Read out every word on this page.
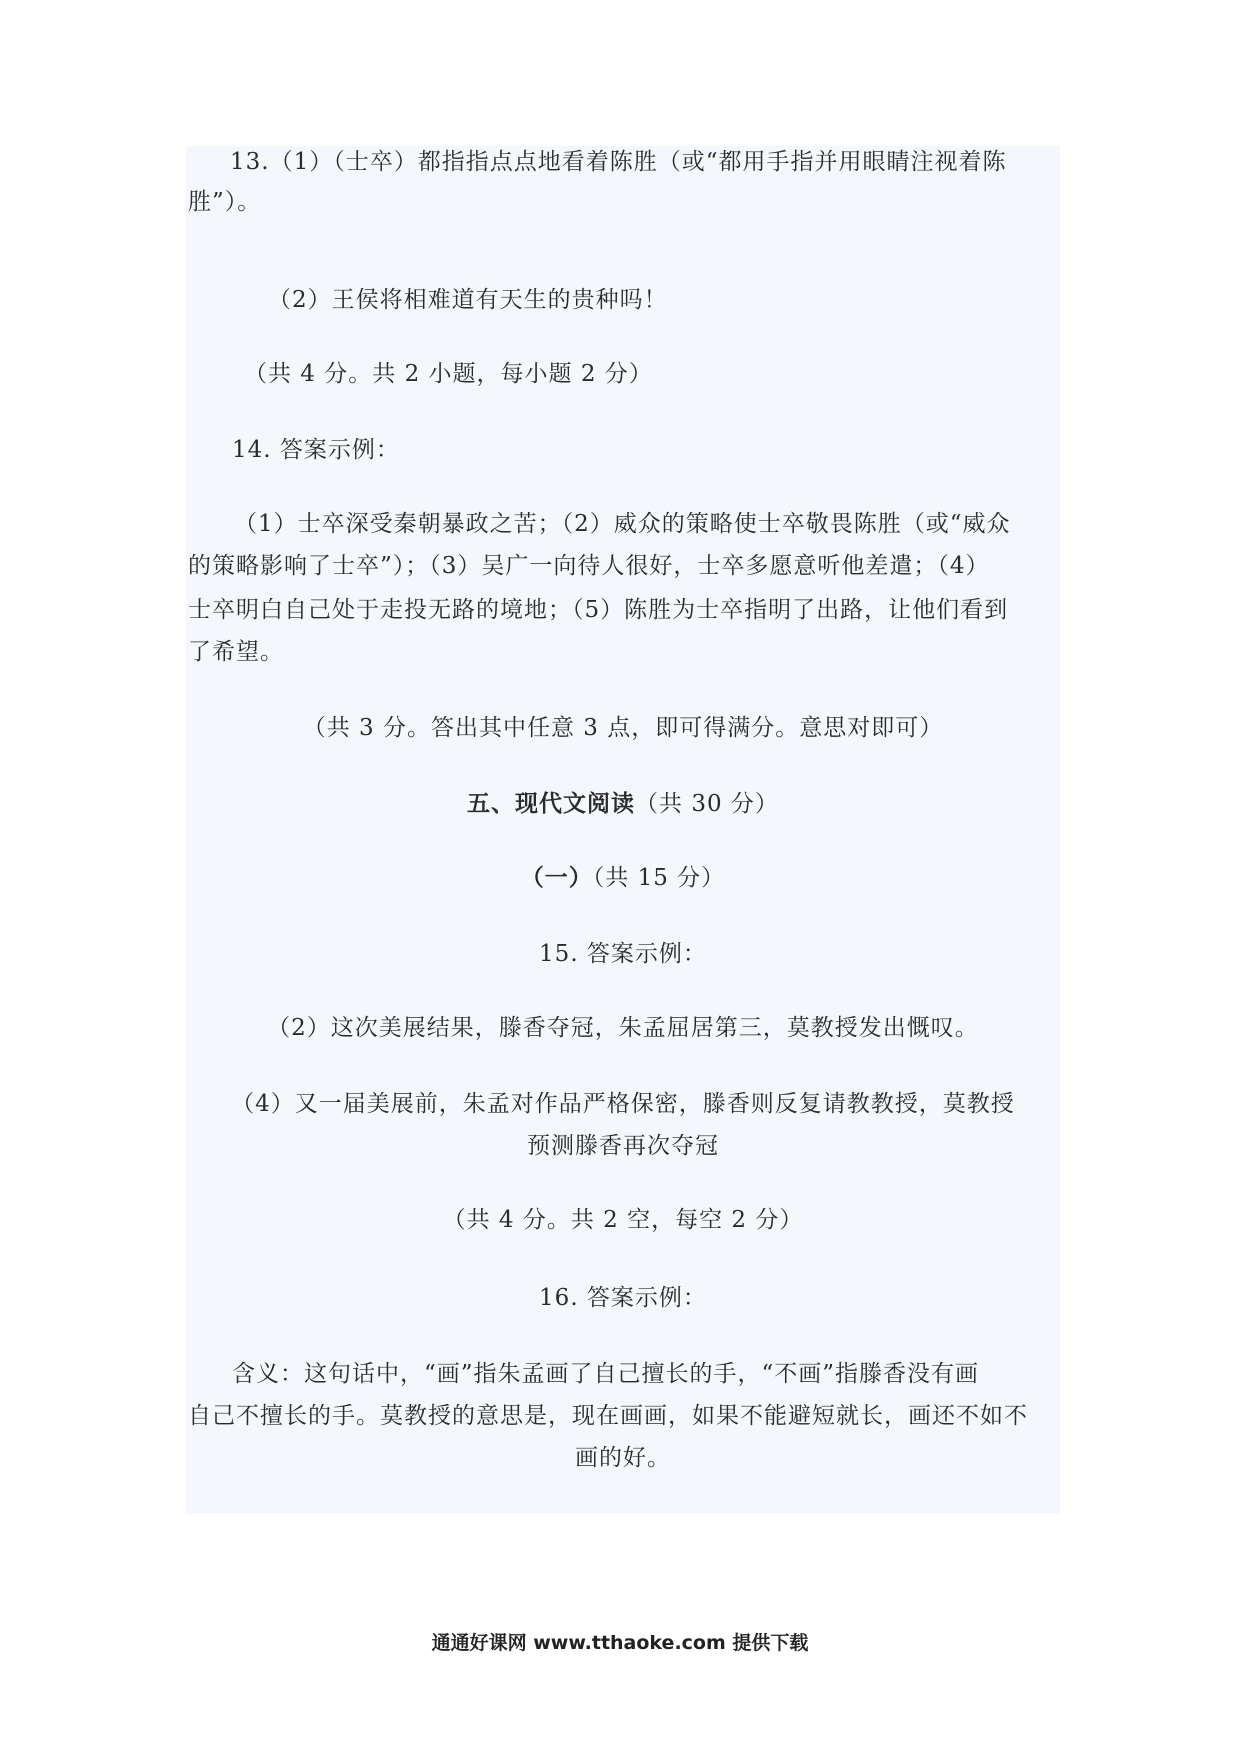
13.（1）（士卒）都指指点点地看着陈胜（或“都用手指并用眼睛注视着陈
胜”）。
（2）王侯将相难道有天生的贵种吗！
（共 4 分。共 2 小题，每小题 2 分）
14. 答案示例：
（1）士卒深受秦朝暴政之苦；（2）威众的策略使士卒敬畏陈胜（或“威众
的策略影响了士卒”）；（3）吴广一向待人很好，士卒多愿意听他差遣；（4）
士卒明白自己处于走投无路的境地；（5）陈胜为士卒指明了出路，让他们看到
了希望。
（共 3 分。答出其中任意 3 点，即可得满分。意思对即可）
五、现代文阅读（共 30 分）
（一）（共 15 分）
15. 答案示例：
（2）这次美展结果，滕香夺冠，朱孟屈居第三，莫教授发出慨叹。
（4）又一届美展前，朱孟对作品严格保密，滕香则反复请教教授，莫教授
预测滕香再次夺冠
（共 4 分。共 2 空，每空 2 分）
16. 答案示例：
含义：这句话中，“画”指朱孟画了自己擅长的手，“不画”指滕香没有画
自己不擅长的手。莫教授的意思是，现在画画，如果不能避短就长，画还不如不
画的好。
通通好课网 www.tthaoke.com 提供下载
